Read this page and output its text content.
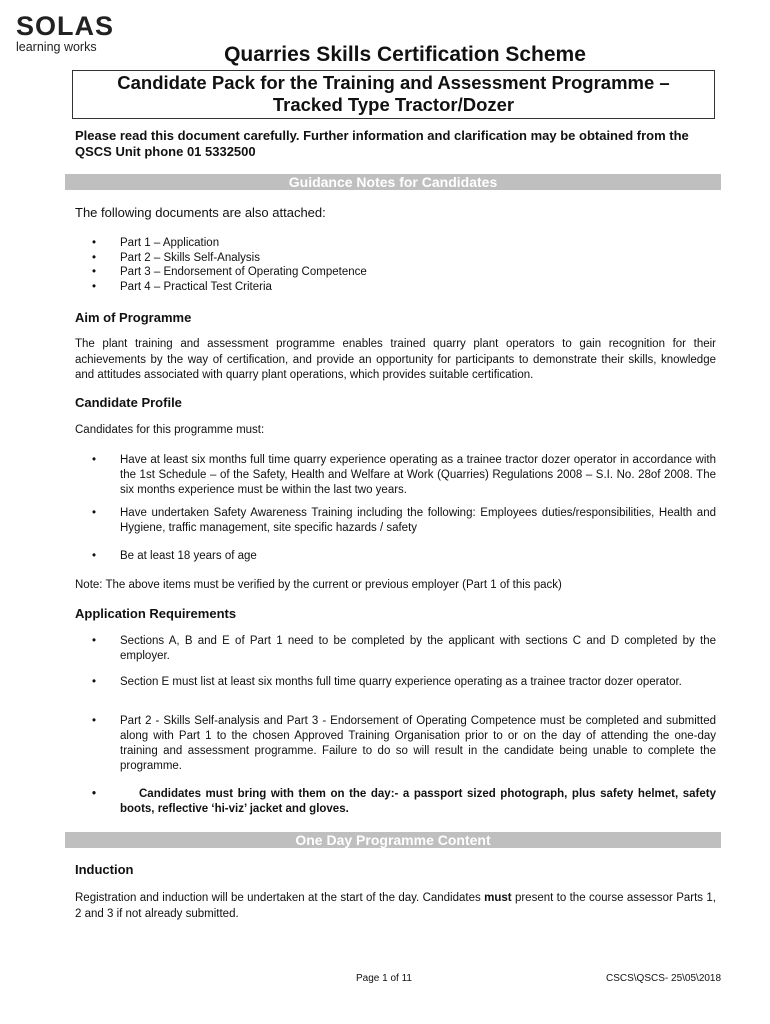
SOLAS
learning works	Quarries Skills Certification Scheme
Candidate Pack for the Training and Assessment Programme –
Tracked Type Tractor/Dozer
Please read this document carefully. Further information and clarification may be obtained from the QSCS Unit phone 01 5332500
Guidance Notes for Candidates
The following documents are also attached:
• Part 1 – Application
• Part 2 – Skills Self-Analysis
• Part 3 – Endorsement of Operating Competence
• Part 4 – Practical Test Criteria
Aim of Programme
The plant training and assessment programme enables trained quarry plant operators to gain recognition for their achievements by the way of certification, and provide an opportunity for participants to demonstrate their skills, knowledge and attitudes associated with quarry plant operations, which provides suitable certification.
Candidate Profile
Candidates for this programme must:
• Have at least six months full time quarry experience operating as a trainee tractor dozer operator in accordance with the 1st Schedule – of the Safety, Health and Welfare at Work (Quarries) Regulations 2008 – S.I. No. 28of 2008. The six months experience must be within the last two years.
• Have undertaken Safety Awareness Training including the following: Employees duties/responsibilities, Health and Hygiene, traffic management, site specific hazards / safety
• Be at least 18 years of age
Note: The above items must be verified by the current or previous employer (Part 1 of this pack)
Application Requirements
• Sections A, B and E of Part 1 need to be completed by the applicant with sections C and D completed by the employer.
• Section E must list at least six months full time quarry experience operating as a trainee tractor dozer operator.
• Part 2 - Skills Self-analysis and Part 3 - Endorsement of Operating Competence must be completed and submitted along with Part 1 to the chosen Approved Training Organisation prior to or on the day of attending the one-day training and assessment programme. Failure to do so will result in the candidate being unable to complete the programme.
•	Candidates must bring with them on the day:- a passport sized photograph, plus safety helmet, safety boots, reflective ‘hi-viz’ jacket and gloves.
One Day Programme Content
Induction
Registration and induction will be undertaken at the start of the day. Candidates must present to the course assessor Parts 1, 2 and 3 if not already submitted.
Page 1 of 11	CSCS\QSCS- 25\05\2018
